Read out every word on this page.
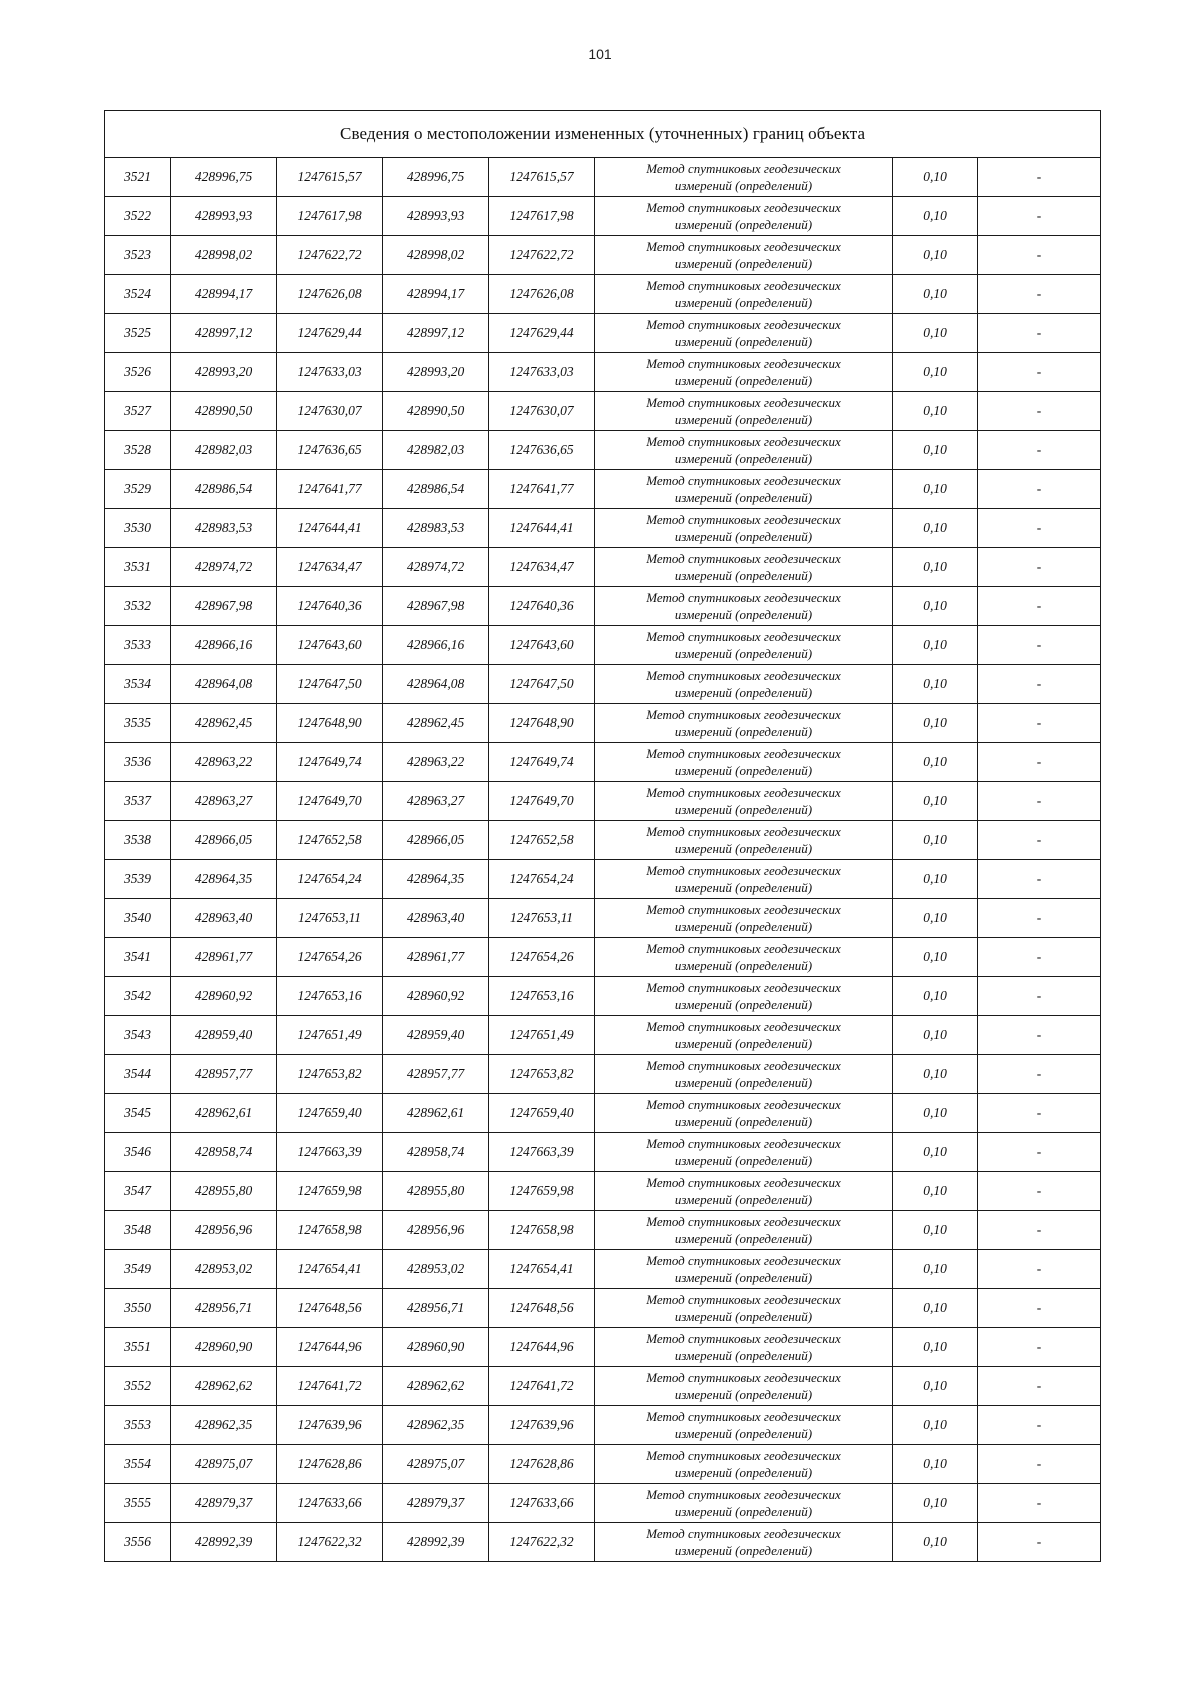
101
Сведения о местоположении измененных (уточненных) границ объекта							
3521	428996,75	1247615,57	428996,75	1247615,57	Метод спутниковых геодезических
измерений (определений)	0,10	-
3522	428993,93	1247617,98	428993,93	1247617,98	Метод спутниковых геодезических
измерений (определений)	0,10	-
3523	428998,02	1247622,72	428998,02	1247622,72	Метод спутниковых геодезических
измерений (определений)	0,10	-
3524	428994,17	1247626,08	428994,17	1247626,08	Метод спутниковых геодезических
измерений (определений)	0,10	-
3525	428997,12	1247629,44	428997,12	1247629,44	Метод спутниковых геодезических
измерений (определений)	0,10	-
3526	428993,20	1247633,03	428993,20	1247633,03	Метод спутниковых геодезических
измерений (определений)	0,10	-
3527	428990,50	1247630,07	428990,50	1247630,07	Метод спутниковых геодезических
измерений (определений)	0,10	-
3528	428982,03	1247636,65	428982,03	1247636,65	Метод спутниковых геодезических
измерений (определений)	0,10	-
3529	428986,54	1247641,77	428986,54	1247641,77	Метод спутниковых геодезических
измерений (определений)	0,10	-
3530	428983,53	1247644,41	428983,53	1247644,41	Метод спутниковых геодезических
измерений (определений)	0,10	-
3531	428974,72	1247634,47	428974,72	1247634,47	Метод спутниковых геодезических
измерений (определений)	0,10	-
3532	428967,98	1247640,36	428967,98	1247640,36	Метод спутниковых геодезических
измерений (определений)	0,10	-
3533	428966,16	1247643,60	428966,16	1247643,60	Метод спутниковых геодезических
измерений (определений)	0,10	-
3534	428964,08	1247647,50	428964,08	1247647,50	Метод спутниковых геодезических
измерений (определений)	0,10	-
3535	428962,45	1247648,90	428962,45	1247648,90	Метод спутниковых геодезических
измерений (определений)	0,10	-
3536	428963,22	1247649,74	428963,22	1247649,74	Метод спутниковых геодезических
измерений (определений)	0,10	-
3537	428963,27	1247649,70	428963,27	1247649,70	Метод спутниковых геодезических
измерений (определений)	0,10	-
3538	428966,05	1247652,58	428966,05	1247652,58	Метод спутниковых геодезических
измерений (определений)	0,10	-
3539	428964,35	1247654,24	428964,35	1247654,24	Метод спутниковых геодезических
измерений (определений)	0,10	-
3540	428963,40	1247653,11	428963,40	1247653,11	Метод спутниковых геодезических
измерений (определений)	0,10	-
3541	428961,77	1247654,26	428961,77	1247654,26	Метод спутниковых геодезических
измерений (определений)	0,10	-
3542	428960,92	1247653,16	428960,92	1247653,16	Метод спутниковых геодезических
измерений (определений)	0,10	-
3543	428959,40	1247651,49	428959,40	1247651,49	Метод спутниковых геодезических
измерений (определений)	0,10	-
3544	428957,77	1247653,82	428957,77	1247653,82	Метод спутниковых геодезических
измерений (определений)	0,10	-
3545	428962,61	1247659,40	428962,61	1247659,40	Метод спутниковых геодезических
измерений (определений)	0,10	-
3546	428958,74	1247663,39	428958,74	1247663,39	Метод спутниковых геодезических
измерений (определений)	0,10	-
3547	428955,80	1247659,98	428955,80	1247659,98	Метод спутниковых геодезических
измерений (определений)	0,10	-
3548	428956,96	1247658,98	428956,96	1247658,98	Метод спутниковых геодезических
измерений (определений)	0,10	-
3549	428953,02	1247654,41	428953,02	1247654,41	Метод спутниковых геодезических
измерений (определений)	0,10	-
3550	428956,71	1247648,56	428956,71	1247648,56	Метод спутниковых геодезических
измерений (определений)	0,10	-
3551	428960,90	1247644,96	428960,90	1247644,96	Метод спутниковых геодезических
измерений (определений)	0,10	-
3552	428962,62	1247641,72	428962,62	1247641,72	Метод спутниковых геодезических
измерений (определений)	0,10	-
3553	428962,35	1247639,96	428962,35	1247639,96	Метод спутниковых геодезических
измерений (определений)	0,10	-
3554	428975,07	1247628,86	428975,07	1247628,86	Метод спутниковых геодезических
измерений (определений)	0,10	-
3555	428979,37	1247633,66	428979,37	1247633,66	Метод спутниковых геодезических
измерений (определений)	0,10	-
3556	428992,39	1247622,32	428992,39	1247622,32	Метод спутниковых геодезических
измерений (определений)	0,10	-
